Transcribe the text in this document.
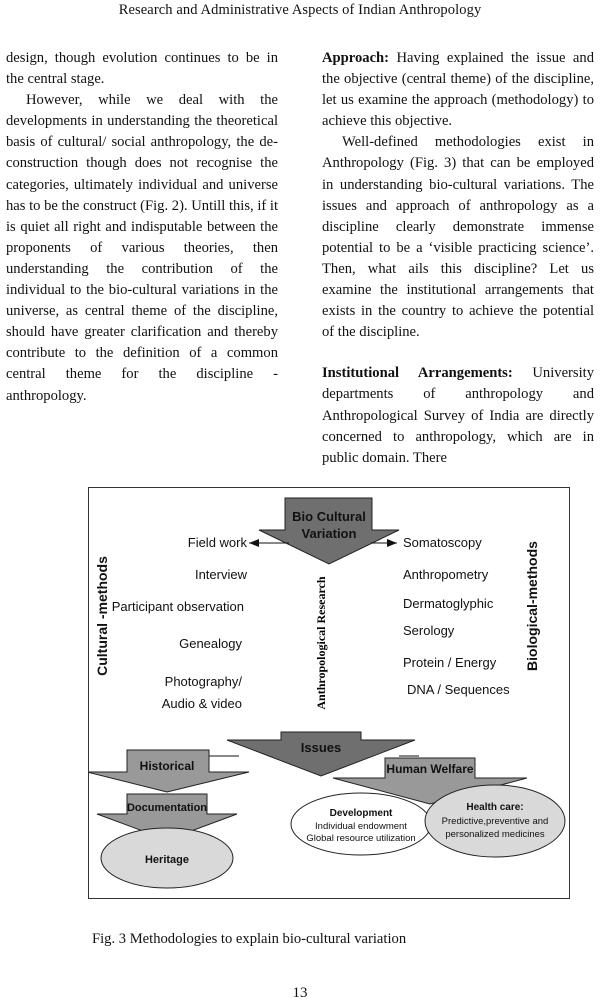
Research and Administrative Aspects of Indian Anthropology

design, though evolution continues to be in the central stage.

However, while we deal with the developments in understanding the theoretical basis of cultural/ social anthropology, the de-construction though does not recognise the categories, ultimately individual and universe has to be the construct (Fig. 2). Untill this, if it is quiet all right and indisputable between the proponents of various theories, then understanding the contribution of the individual to the bio-cultural variations in the universe, as central theme of the discipline, should have greater clarification and thereby contribute to the definition of a common central theme for the discipline - anthropology.

Approach: Having explained the issue and the objective (central theme) of the discipline, let us examine the approach (methodology) to achieve this objective.

Well-defined methodologies exist in Anthropology (Fig. 3) that can be employed in understanding bio-cultural variations. The issues and approach of anthropology as a discipline clearly demonstrate immense potential to be a ‘visible practicing science’. Then, what ails this discipline? Let us examine the institutional arrangements that exists in the country to achieve the potential of the discipline.

Institutional Arrangements: University departments of anthropology and Anthropological Survey of India are directly concerned to anthropology, which are in public domain. There

Bio Cultural
Variation
Cultural -methods	Biological-methods
Anthropological Research
Field work
Interview
Participant observation
Genealogy
Photography/
Audio & video
Somatoscopy
Anthropometry
Dermatoglyphic
Serology
Protein / Energy
DNA / Sequences
Issues
Historical
Documentation
Heritage
Human Welfare
Development
Individual endowment
Global resource utilization
Health care:
Predictive,preventive and
personalized medicines
Fig. 3 Methodologies to explain bio-cultural variation
13
